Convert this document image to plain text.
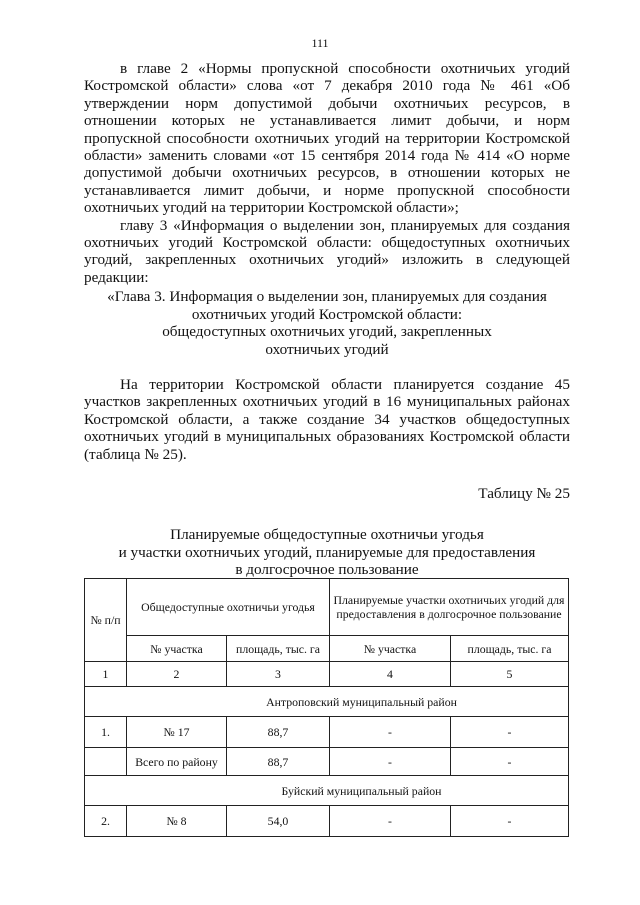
111

в главе 2 «Нормы пропускной способности охотничьих угодий Костромской области» слова «от 7 декабря 2010 года № 461 «Об утверждении норм допустимой добычи охотничьих ресурсов, в отношении которых не устанавливается лимит добычи, и норм пропускной способности охотничьих угодий на территории Костромской области» заменить словами «от 15 сентября 2014 года № 414 «О норме допустимой добычи охотничьих ресурсов, в отношении которых не устанавливается лимит добычи, и норме пропускной способности охотничьих угодий на территории Костромской области»;

главу 3 «Информация о выделении зон, планируемых для создания охотничьих угодий Костромской области: общедоступных охотничьих угодий, закрепленных охотничьих угодий» изложить в следующей редакции:

«Глава 3. Информация о выделении зон, планируемых для создания
охотничьих угодий Костромской области:
общедоступных охотничьих угодий, закрепленных
охотничьих угодий

На территории Костромской области планируется создание 45 участков закрепленных охотничьих угодий в 16 муниципальных районах Костромской области, а также создание 34 участков общедоступных охотничьих угодий в муниципальных образованиях Костромской области (таблица № 25).

Таблицу № 25
Планируемые общедоступные охотничьи угодья
и участки охотничьих угодий, планируемые для предоставления
в долгосрочное пользование
№ п/п	Общедоступные охотничьи угодья		Планируемые участки охотничьих угодий для предоставления в долгосрочное пользование	
	№ участка	площадь, тыс. га	№ участка	площадь, тыс. га
1	2	3	4	5
Антроповский муниципальный район				
1.	№ 17	88,7	-	-
	Всего по району	88,7	-	-
Буйский муниципальный район				
2.	№ 8	54,0	-	-
